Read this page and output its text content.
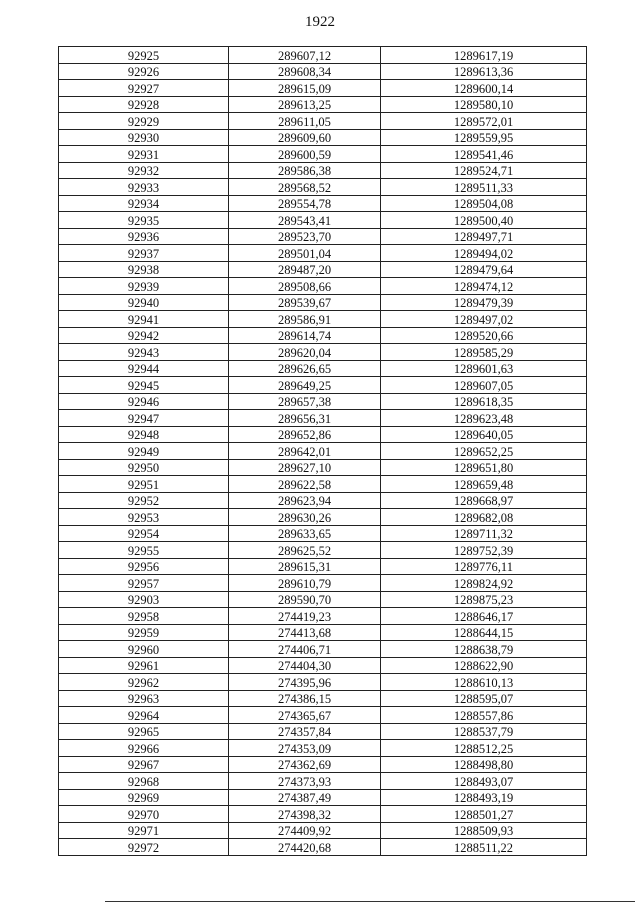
1922
92925	289607,12	1289617,19
92926	289608,34	1289613,36
92927	289615,09	1289600,14
92928	289613,25	1289580,10
92929	289611,05	1289572,01
92930	289609,60	1289559,95
92931	289600,59	1289541,46
92932	289586,38	1289524,71
92933	289568,52	1289511,33
92934	289554,78	1289504,08
92935	289543,41	1289500,40
92936	289523,70	1289497,71
92937	289501,04	1289494,02
92938	289487,20	1289479,64
92939	289508,66	1289474,12
92940	289539,67	1289479,39
92941	289586,91	1289497,02
92942	289614,74	1289520,66
92943	289620,04	1289585,29
92944	289626,65	1289601,63
92945	289649,25	1289607,05
92946	289657,38	1289618,35
92947	289656,31	1289623,48
92948	289652,86	1289640,05
92949	289642,01	1289652,25
92950	289627,10	1289651,80
92951	289622,58	1289659,48
92952	289623,94	1289668,97
92953	289630,26	1289682,08
92954	289633,65	1289711,32
92955	289625,52	1289752,39
92956	289615,31	1289776,11
92957	289610,79	1289824,92
92903	289590,70	1289875,23
92958	274419,23	1288646,17
92959	274413,68	1288644,15
92960	274406,71	1288638,79
92961	274404,30	1288622,90
92962	274395,96	1288610,13
92963	274386,15	1288595,07
92964	274365,67	1288557,86
92965	274357,84	1288537,79
92966	274353,09	1288512,25
92967	274362,69	1288498,80
92968	274373,93	1288493,07
92969	274387,49	1288493,19
92970	274398,32	1288501,27
92971	274409,92	1288509,93
92972	274420,68	1288511,22
